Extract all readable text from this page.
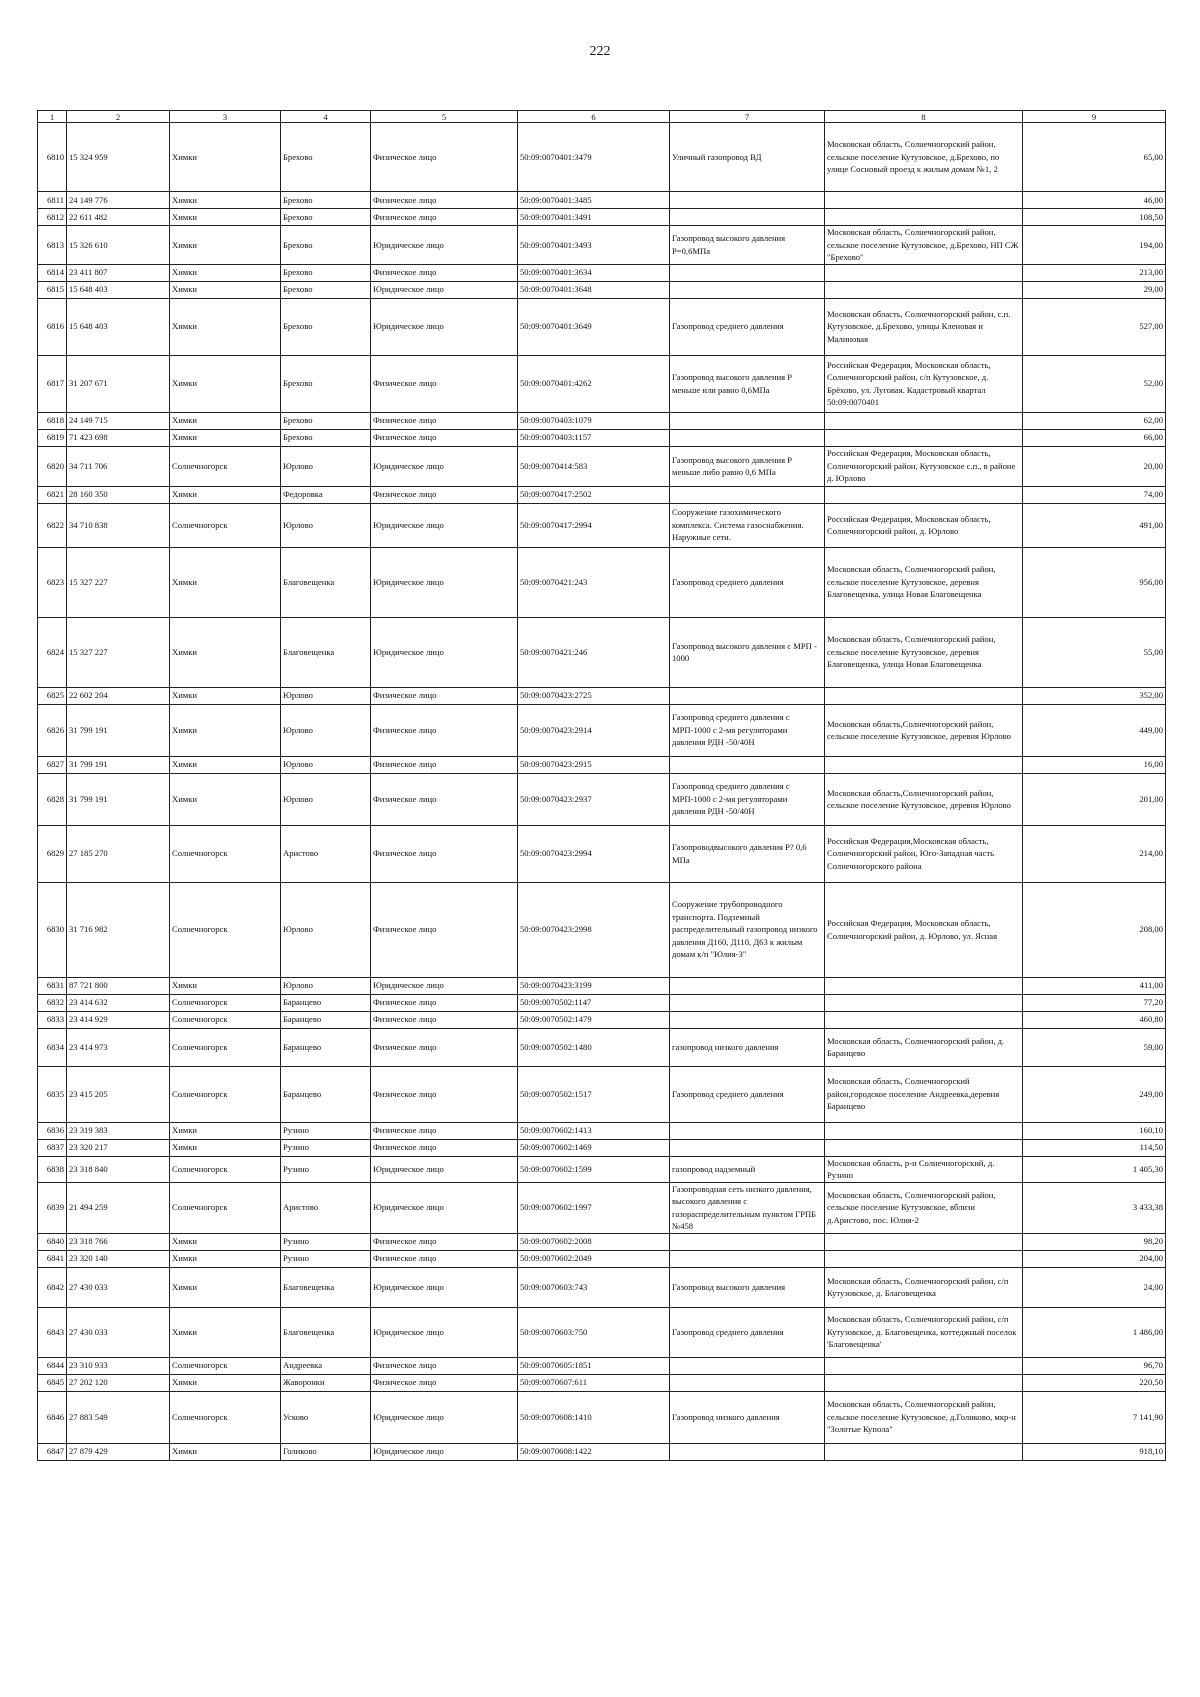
222
1	2	3	4	5	6	7	8	9
6810	15 324 959	Химки	Брехово	Физическое лицо	50:09:0070401:3479	Уличный газопровод ВД	Московская область, Солнечногорский район, сельское поселение Кутузовское, д.Брехово, по улице Сосновый проезд к жилым домам №1, 2	65,00
6811	24 149 776	Химки	Брехово	Физическое лицо	50:09:0070401:3485			46,00
6812	22 611 482	Химки	Брехово	Физическое лицо	50:09:0070401:3491			108,50
6813	15 326 610	Химки	Брехово	Юридическое лицо	50:09:0070401:3493	Газопровод высокого давления Р=0,6МПа	Московская область, Солнечногорский район, сельское поселение Кутузовское, д.Брехово, НП СЖ "Брехово"	194,00
6814	23 411 807	Химки	Брехово	Физическое лицо	50:09:0070401:3634			213,00
6815	15 648 403	Химки	Брехово	Юридическое лицо	50:09:0070401:3648			29,00
6816	15 648 403	Химки	Брехово	Юридическое лицо	50:09:0070401:3649	Газопровод среднего давления	Московская область, Солнечногорский район, с.п. Кутузовское, д.Брехово, улицы Кленовая и Малиновая	527,00
6817	31 207 671	Химки	Брехово	Физическое лицо	50:09:0070401:4262	Газопровод высокого давления Р меньше или равно 0,6МПа	Российская Федерация, Московская область, Солнечногорский район, с/п Кутузовское, д. Брёхово, ул. Луговая. Кадастровый квартал 50:09:0070401	52,00
6818	24 149 715	Химки	Брехово	Физическое лицо	50:09:0070403:1079			62,00
6819	71 423 698	Химки	Брехово	Физическое лицо	50:09:0070403:1157			66,00
6820	34 711 706	Солнечногорск	Юрлово	Юридическое лицо	50:09:0070414:583	Газопровод высокого давления Р меньше либо равно 0,6 МПа	Российская Федерация, Московская область, Солнечногорский район, Кутузовское с.п., в районе д. Юрлово	20,00
6821	28 160 350	Химки	Федоровка	Физическое лицо	50:09:0070417:2502			74,00
6822	34 710 838	Солнечногорск	Юрлово	Юридическое лицо	50:09:0070417:2994	Сооружение газохимического комплекса. Система газоснабжения. Наружные сети.	Российская Федерация, Московская область, Солнечногорский район, д. Юрлово	491,00
6823	15 327 227	Химки	Благовещенка	Юридическое лицо	50:09:0070421:243	Газопровод среднего давления	Московская область, Солнечногорский район, сельское поселение Кутузовское, деревня Благовещенка, улица Новая Благовещенка	956,00
6824	15 327 227	Химки	Благовещенка	Юридическое лицо	50:09:0070421:246	Газопровод высокого давления с МРП - 1000	Московская область, Солнечногорский район, сельское поселение Кутузовское, деревня Благовещенка, улица Новая Благовещенка	55,00
6825	22 602 204	Химки	Юрлово	Физическое лицо	50:09:0070423:2725			352,00
6826	31 799 191	Химки	Юрлово	Физическое лицо	50:09:0070423:2914	Газопровод среднего давления с МРП-1000 с 2-мя регуляторами давления РДН -50/40Н	Московская область,Солнечногорский район, сельское поселение Кутузовское, деревня Юрлово	449,00
6827	31 799 191	Химки	Юрлово	Физическое лицо	50:09:0070423:2915			16,00
6828	31 799 191	Химки	Юрлово	Физическое лицо	50:09:0070423:2937	Газопровод среднего давления с МРП-1000 с 2-мя регуляторами давления РДН -50/40Н	Московская область,Солнечногорский район, сельское поселение Кутузовское, деревня Юрлово	201,00
6829	27 185 270	Солнечногорск	Аристово	Физическое лицо	50:09:0070423:2994	Газопроводвысокого давления Р? 0,6 МПа	Российская Федерация,Московская область, Солнечногорский район, Юго-Западная часть Солнечногорского района	214,00
6830	31 716 982	Солнечногорск	Юрлово	Физическое лицо	50:09:0070423:2998	Сооружение трубопроводного транспорта. Подземный распределительный газопровод низкого давления Д160, Д110, Д63 к жилым домам к/п "Юлия-3"	Российская Федерация, Московская область, Солнечногорский район, д. Юрлово, ул. Ясная	208,00
6831	87 721 800	Химки	Юрлово	Юридическое лицо	50:09:0070423:3199			411,00
6832	23 414 632	Солнечногорск	Баранцево	Физическое лицо	50:09:0070502:1147			77,20
6833	23 414 929	Солнечногорск	Баранцево	Физическое лицо	50:09:0070502:1479			460,80
6834	23 414 973	Солнечногорск	Баранцево	Физическое лицо	50:09:0070502:1480	газопровод низкого давления	Московская область, Солнечногорский район, д. Баранцево	59,00
6835	23 415 205	Солнечногорск	Баранцево	Физическое лицо	50:09:0070502:1517	Газопровод среднего давления	Московская область, Солнечногорский район,городское поселение Андреевка,деревня Баранцево	249,00
6836	23 319 383	Химки	Рузино	Физическое лицо	50:09:0070602:1413			160,10
6837	23 320 217	Химки	Рузино	Физическое лицо	50:09:0070602:1469			114,50
6838	23 318 840	Солнечногорск	Рузино	Юридическое лицо	50:09:0070602:1599	газопровод надземный	Московская область, р-н Солнечногорский, д. Рузино	1 405,30
6839	21 494 259	Солнечногорск	Аристово	Юридическое лицо	50:09:0070602:1997	Газопроводная сеть низкого давления, высокого давления с газораспределительным пунктом ГРПБ №458	Московская область, Солнечногорский район, сельское поселение Кутузовское, вблизи д.Аристово, пос. Юлия-2	3 433,38
6840	23 318 766	Химки	Рузино	Физическое лицо	50:09:0070602:2008			98,20
6841	23 320 140	Химки	Рузино	Физическое лицо	50:09:0070602:2049			204,00
6842	27 430 033	Химки	Благовещенка	Юридическое лицо	50:09:0070603:743	Газопровод высокого давления	Московская область, Солнечногорский район, с/п Кутузовское, д. Благовещенка	24,00
6843	27 430 033	Химки	Благовещенка	Юридическое лицо	50:09:0070603:750	Газопровод среднего давления	Московская область, Солнечногорский район, с/п Кутузовское, д. Благовещенка, коттеджный поселок 'Благовещенка'	1 486,00
6844	23 310 933	Солнечногорск	Андреевка	Физическое лицо	50:09:0070605:1851			96,70
6845	27 202 120	Химки	Жаворонки	Физическое лицо	50:09:0070607:611			220,50
6846	27 883 549	Солнечногорск	Усково	Юридическое лицо	50:09:0070608:1410	Газопровод низкого давления	Московская область, Солнечногорский район, сельское поселение Кутузовское, д.Голиково, мкр-н "Золотые Купола"	7 141,90
6847	27 879 429	Химки	Голиково	Юридическое лицо	50:09:0070608:1422			918,10
